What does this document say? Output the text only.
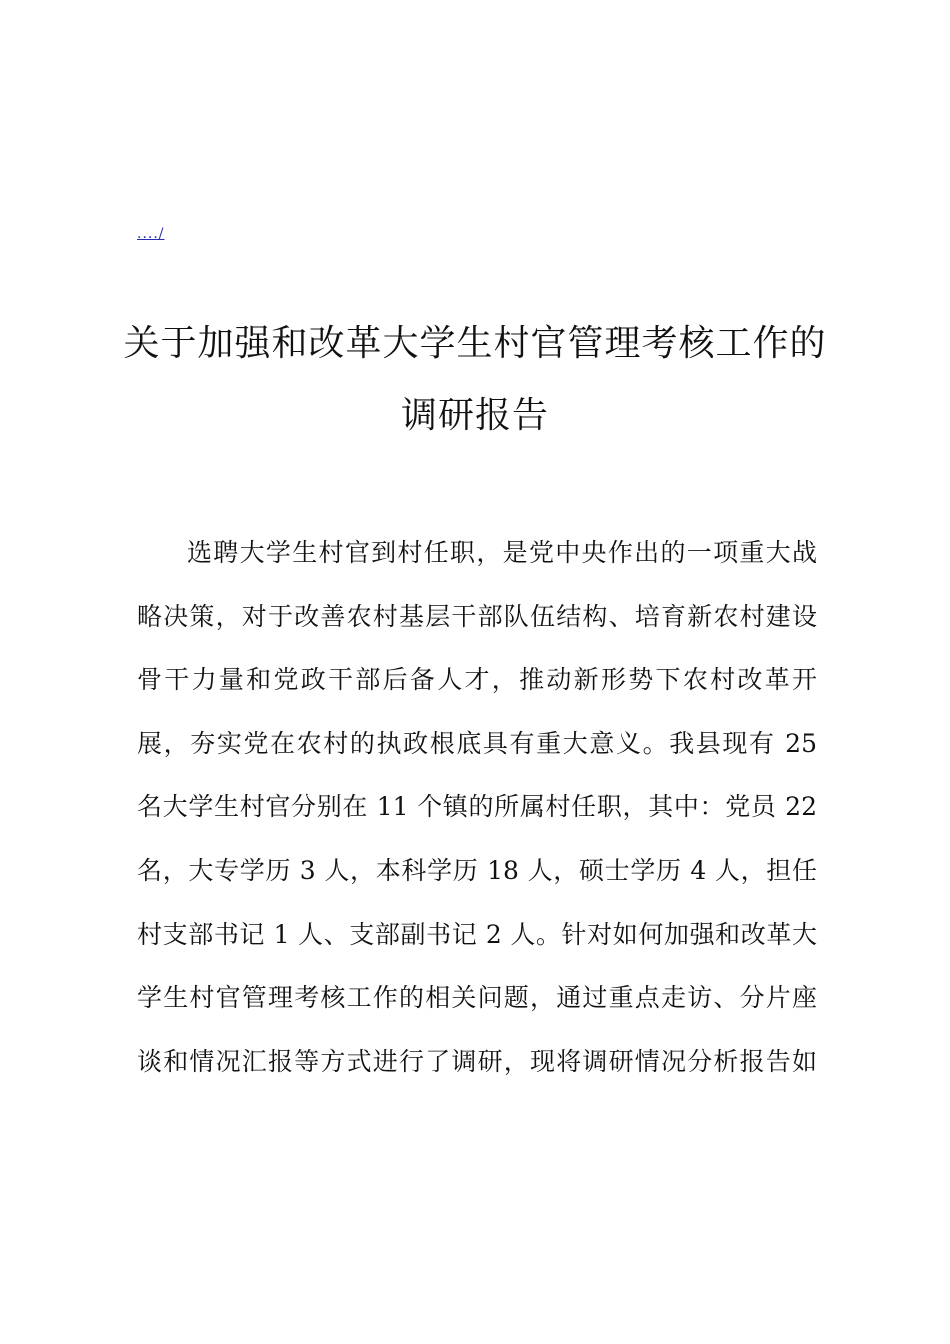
..../
关于加强和改革大学生村官管理考核工作的
调研报告
选聘大学生村官到村任职，是党中央作出的一项重大战
略决策，对于改善农村基层干部队伍结构、培育新农村建设
骨干力量和党政干部后备人才，推动新形势下农村改革开
展，夯实党在农村的执政根底具有重大意义。我县现有 25
名大学生村官分别在 11 个镇的所属村任职，其中：党员 22
名，大专学历 3 人，本科学历 18 人，硕士学历 4 人，担任
村支部书记 1 人、支部副书记 2 人。针对如何加强和改革大
学生村官管理考核工作的相关问题，通过重点走访、分片座
谈和情况汇报等方式进行了调研，现将调研情况分析报告如
